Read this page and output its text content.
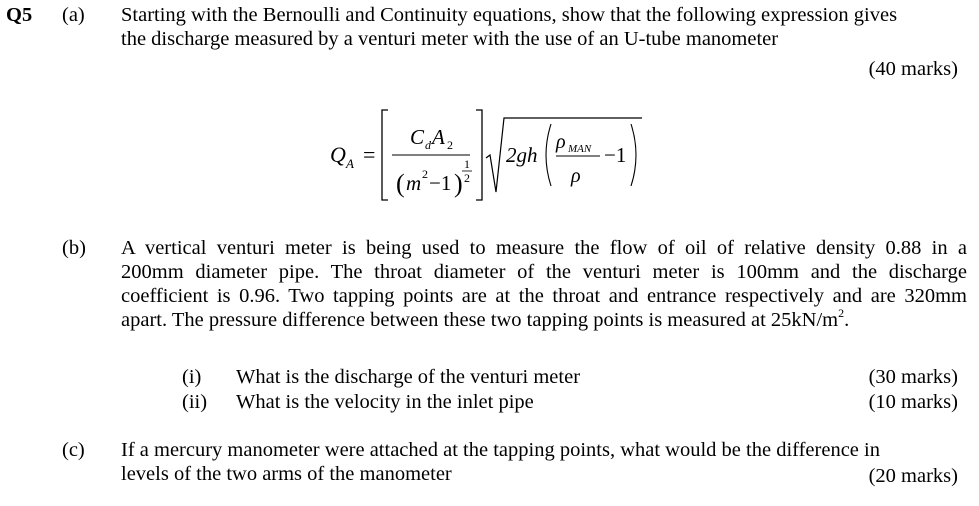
Q5 (a) Starting with the Bernoulli and Continuity equations, show that the following expression gives
the discharge measured by a venturi meter with the use of an U-tube manometer
(40 marks)
Q A =
C d A 2
( m 2 −1 )
1
2
2gh
ρ MAN
ρ
−1
(b) A vertical venturi meter is being used to measure the flow of oil of relative density 0.88 in a
200mm diameter pipe. The throat diameter of the venturi meter is 100mm and the discharge
coefficient is 0.96. Two tapping points are at the throat and entrance respectively and are 320mm
apart. The pressure difference between these two tapping points is measured at $25kN/m^2$.
(i) What is the discharge of the venturi meter	(30 marks)
(ii) What is the velocity in the inlet pipe	(10 marks)
(c) If a mercury manometer were attached at the tapping points, what would be the difference in
levels of the two arms of the manometer	(20 marks)
